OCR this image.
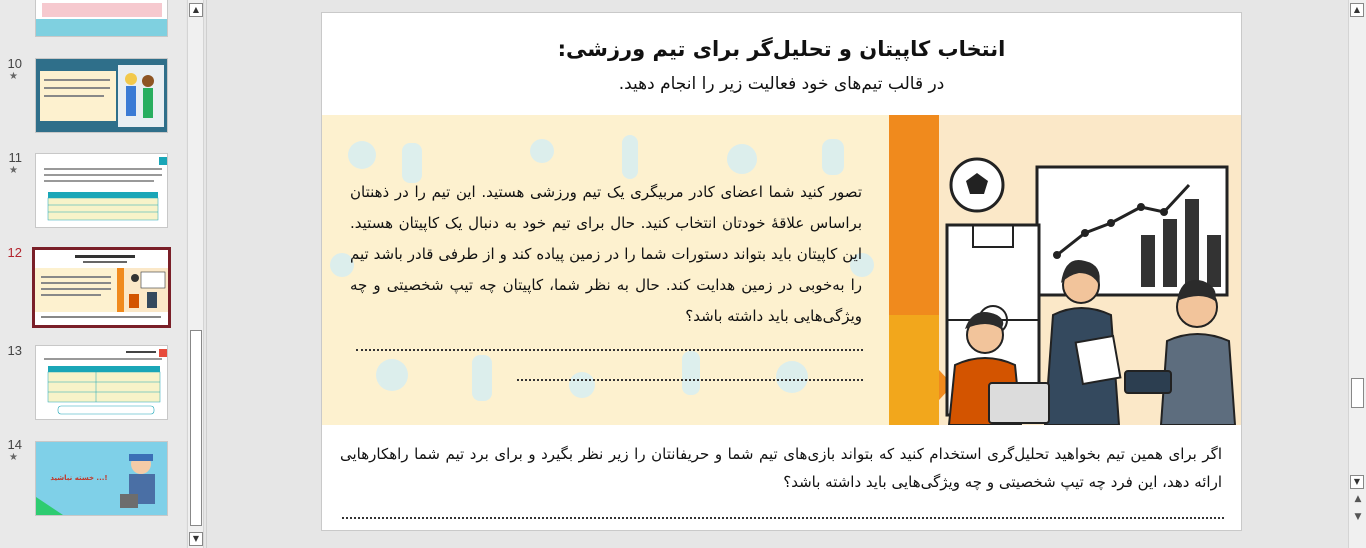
10
★
11
★
12
13
14
★
خسته نباشید ...!
▲
▼
انتخاب کاپیتان و تحلیل‌گر برای تیم ورزشی:
در قالب تیم‌های خود فعالیت زیر را انجام دهید.
تصور کنید شما اعضای کادر مربیگری یک تیم ورزشی هستید. این تیم را در ذهنتان براساس علاقهٔ خودتان انتخاب کنید. حال برای تیم خود به دنبال یک کاپیتان هستید. این کاپیتان باید بتواند دستورات شما را در زمین پیاده کند و از طرفی قادر باشد تیم را به‌خوبی در زمین هدایت کند. حال به نظر شما، کاپیتان چه تیپ شخصیتی و چه ویژگی‌هایی باید داشته باشد؟
اگر برای همین تیم بخواهید تحلیل‌گری استخدام کنید که بتواند بازی‌های تیم شما و حریفانتان را زیر نظر بگیرد و برای برد تیم شما راهکارهایی ارائه دهد، این فرد چه تیپ شخصیتی و چه ویژگی‌هایی باید داشته باشد؟
▲
▼
▲
▼
